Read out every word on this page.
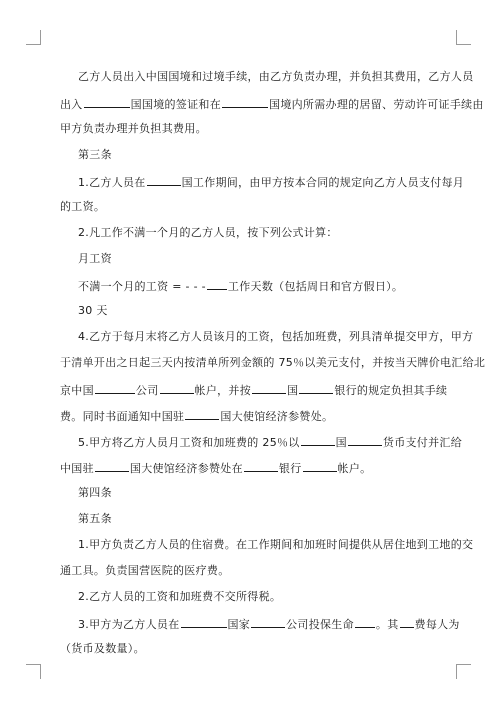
乙方人员出入中国国境和过境手续，由乙方负责办理，并负担其费用，乙方人员
出入	国国境的签证和在	国境内所需办理的居留、劳动许可证手续由
甲方负责办理并负担其费用。
第三条
1.乙方人员在	国工作期间，由甲方按本合同的规定向乙方人员支付每月
的工资。
2.凡工作不满一个月的乙方人员，按下列公式计算：
月工资
不满一个月的工资 = - - - 工作天数（包括周日和官方假日）。
30 天
4.乙方于每月末将乙方人员该月的工资，包括加班费，列具清单提交甲方，甲方
于清单开出之日起三天内按清单所列金额的 75％以美元支付，并按当天牌价电汇给北
京中国	公司	帐户，并按	国	银行的规定负担其手续
费。同时书面通知中国驻	国大使馆经济参赞处。
5.甲方将乙方人员月工资和加班费的 25％以	国	货币支付并汇给
中国驻	国大使馆经济参赞处在	银行	帐户。
第四条
第五条
1.甲方负责乙方人员的住宿费。在工作期间和加班时间提供从居住地到工地的交
通工具。负责国营医院的医疗费。
2.乙方人员的工资和加班费不交所得税。
3.甲方为乙方人员在	国家	公司投保生命 。其 费每人为
（货币及数量）。
